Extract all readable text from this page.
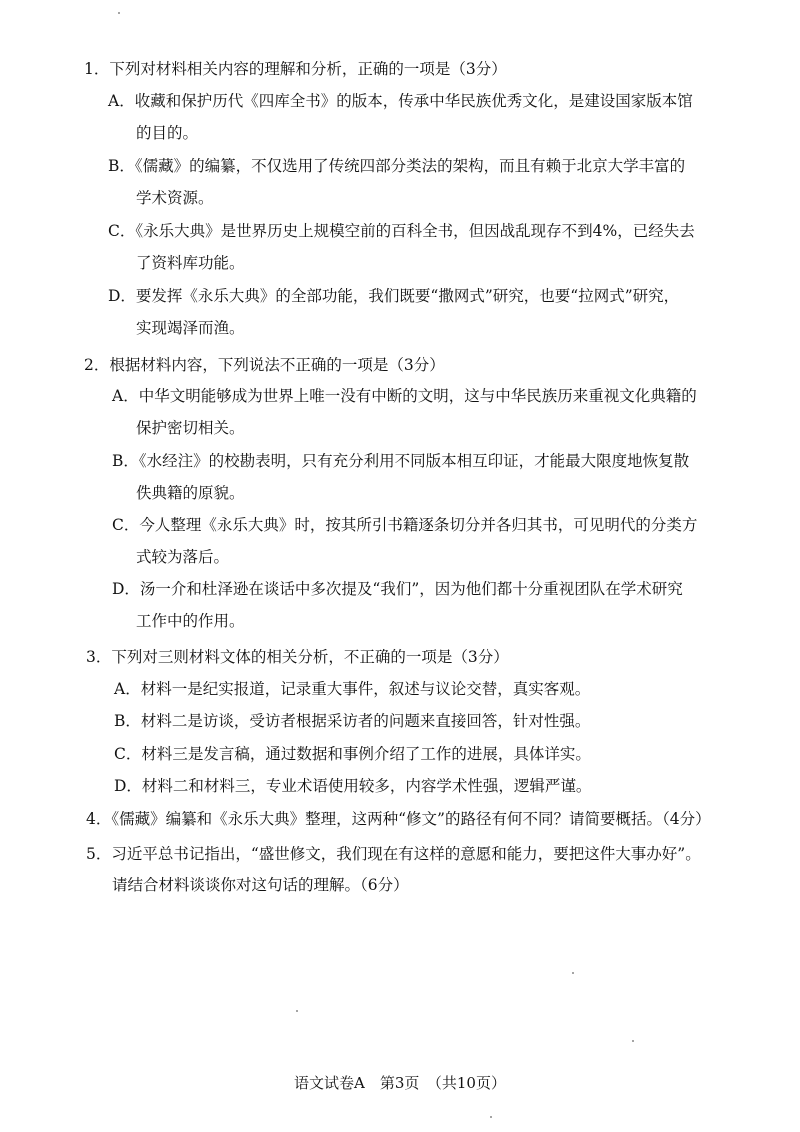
1．下列对材料相关内容的理解和分析，正确的一项是（3分）
A．收藏和保护历代《四库全书》的版本，传承中华民族优秀文化，是建设国家版本馆
的目的。
B．《儒藏》的编纂，不仅选用了传统四部分类法的架构，而且有赖于北京大学丰富的
学术资源。
C．《永乐大典》是世界历史上规模空前的百科全书，但因战乱现存不到4%，已经失去
了资料库功能。
D．要发挥《永乐大典》的全部功能，我们既要“撒网式”研究，也要“拉网式”研究，
实现竭泽而渔。
2．根据材料内容，下列说法不正确的一项是（3分）
A．中华文明能够成为世界上唯一没有中断的文明，这与中华民族历来重视文化典籍的
保护密切相关。
B．《水经注》的校勘表明，只有充分利用不同版本相互印证，才能最大限度地恢复散
佚典籍的原貌。
C．今人整理《永乐大典》时，按其所引书籍逐条切分并各归其书，可见明代的分类方
式较为落后。
D．汤一介和杜泽逊在谈话中多次提及“我们”，因为他们都十分重视团队在学术研究
工作中的作用。
3．下列对三则材料文体的相关分析，不正确的一项是（3分）
A．材料一是纪实报道，记录重大事件，叙述与议论交替，真实客观。
B．材料二是访谈，受访者根据采访者的问题来直接回答，针对性强。
C．材料三是发言稿，通过数据和事例介绍了工作的进展，具体详实。
D．材料二和材料三，专业术语使用较多，内容学术性强，逻辑严谨。
4．《儒藏》编纂和《永乐大典》整理，这两种“修文”的路径有何不同？请简要概括。（4分）
5．习近平总书记指出，“盛世修文，我们现在有这样的意愿和能力，要把这件大事办好”。
请结合材料谈谈你对这句话的理解。（6分）
语文试卷A　第3页　（共10页）
